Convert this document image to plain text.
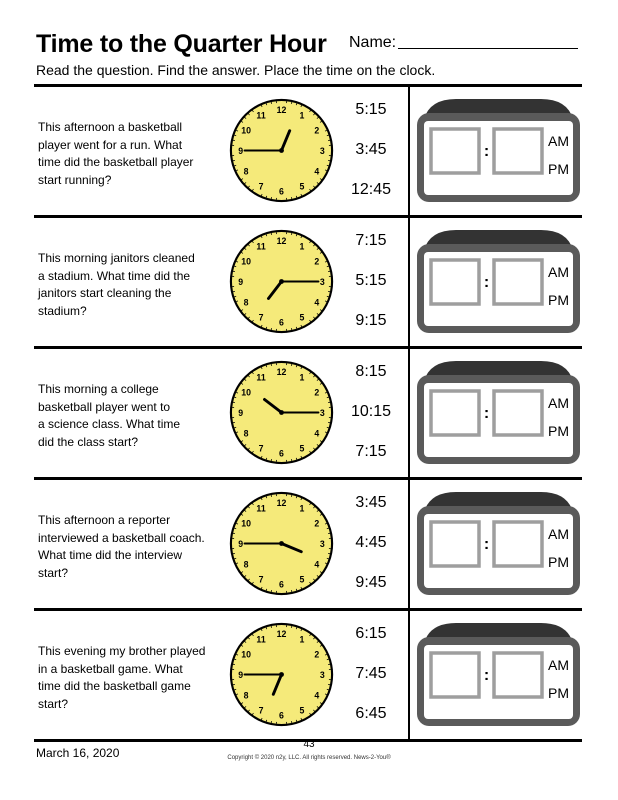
Time to the Quarter Hour Name:
Read the question. Find the answer. Place the time on the clock.
This afternoon a basketball
player went for a run. What
time did the basketball player
start running?
12
1
2
3
4
5
6
7
8
9
10
11	5:15
3:45
12:45
:
AM
PM
This morning janitors cleaned
a stadium. What time did the
janitors start cleaning the
stadium?
12
1
2
3
4
5
6
7
8
9
10
11	7:15
5:15
9:15
:
AM
PM
This morning a college
basketball player went to
a science class. What time
did the class start?
12
1
2
3
4
5
6
7
8
9
10
11	8:15
10:15
7:15
:
AM
PM
This afternoon a reporter
interviewed a basketball coach.
What time did the interview
start?
12
1
2
3
4
5
6
7
8
9
10
11	3:45
4:45
9:45
:
AM
PM
This evening my brother played
in a basketball game. What
time did the basketball game
start?
12
1
2
3
4
5
6
7
8
9
10
11	6:15
7:45
6:45
:
AM
PM
March 16, 2020
43
Copyright © 2020 n2y, LLC. All rights reserved. News-2-You®
